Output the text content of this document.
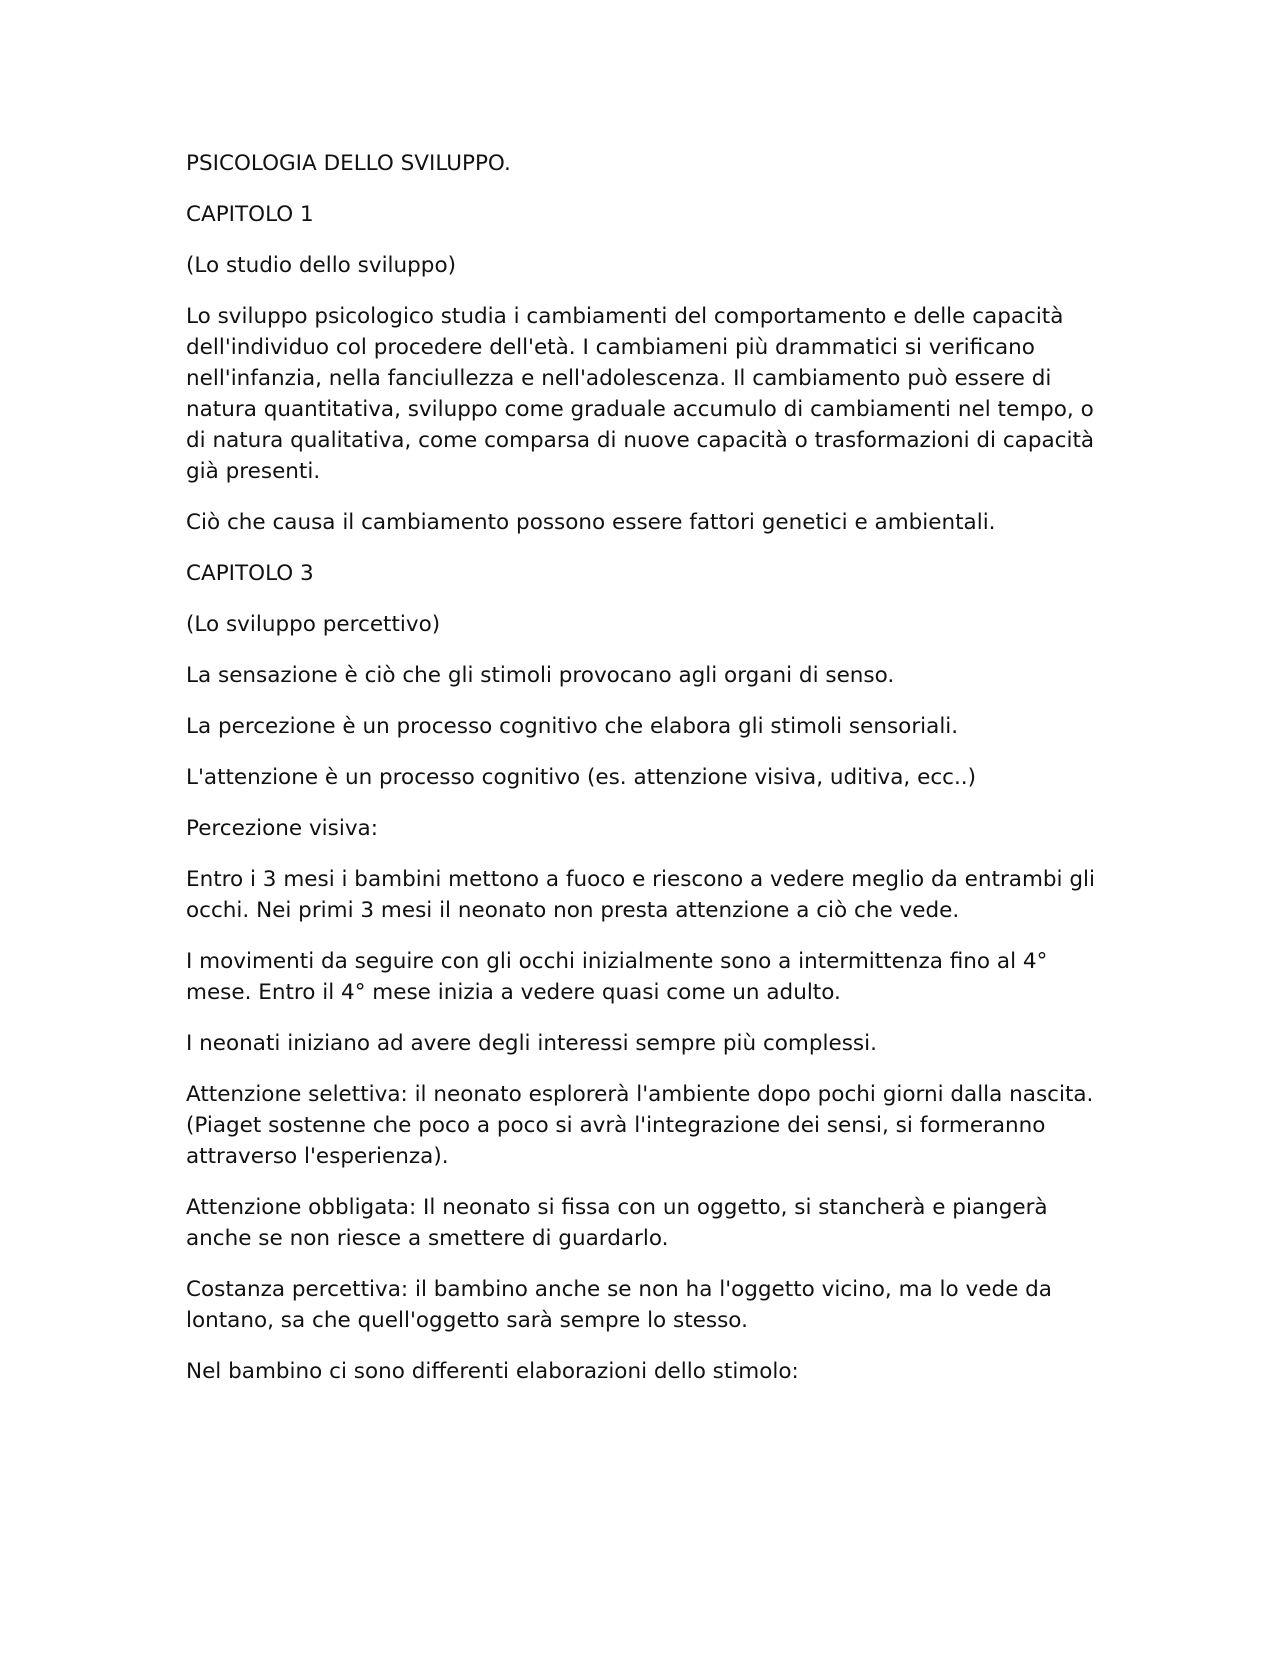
PSICOLOGIA DELLO SVILUPPO.

CAPITOLO 1

(Lo studio dello sviluppo)

Lo sviluppo psicologico studia i cambiamenti del comportamento e delle capacità dell'individuo col procedere dell'età. I cambiameni più drammatici si verificano nell'infanzia, nella fanciullezza e nell'adolescenza. Il cambiamento può essere di natura quantitativa, sviluppo come graduale accumulo di cambiamenti nel tempo, o di natura qualitativa, come comparsa di nuove capacità o trasformazioni di capacità già presenti.

Ciò che causa il cambiamento possono essere fattori genetici e ambientali.

CAPITOLO 3

(Lo sviluppo percettivo)

La sensazione è ciò che gli stimoli provocano agli organi di senso.

La percezione è un processo cognitivo che elabora gli stimoli sensoriali.

L'attenzione è un processo cognitivo (es. attenzione visiva, uditiva, ecc..)

Percezione visiva:

Entro i 3 mesi i bambini mettono a fuoco e riescono a vedere meglio da entrambi gli occhi. Nei primi 3 mesi il neonato non presta attenzione a ciò che vede.

I movimenti da seguire con gli occhi inizialmente sono a intermittenza fino al 4° mese. Entro il 4° mese inizia a vedere quasi come un adulto.

I neonati iniziano ad avere degli interessi sempre più complessi.

Attenzione selettiva: il neonato esplorerà l'ambiente dopo pochi giorni dalla nascita.   (Piaget sostenne che poco a poco si avrà l'integrazione dei sensi, si formeranno attraverso l'esperienza).

Attenzione obbligata: Il neonato si fissa con un oggetto, si stancherà e piangerà anche se non riesce a smettere di guardarlo.

Costanza percettiva: il bambino anche se non ha l'oggetto vicino, ma lo vede da lontano, sa che quell'oggetto sarà sempre lo stesso.

Nel bambino ci sono differenti elaborazioni dello stimolo:
